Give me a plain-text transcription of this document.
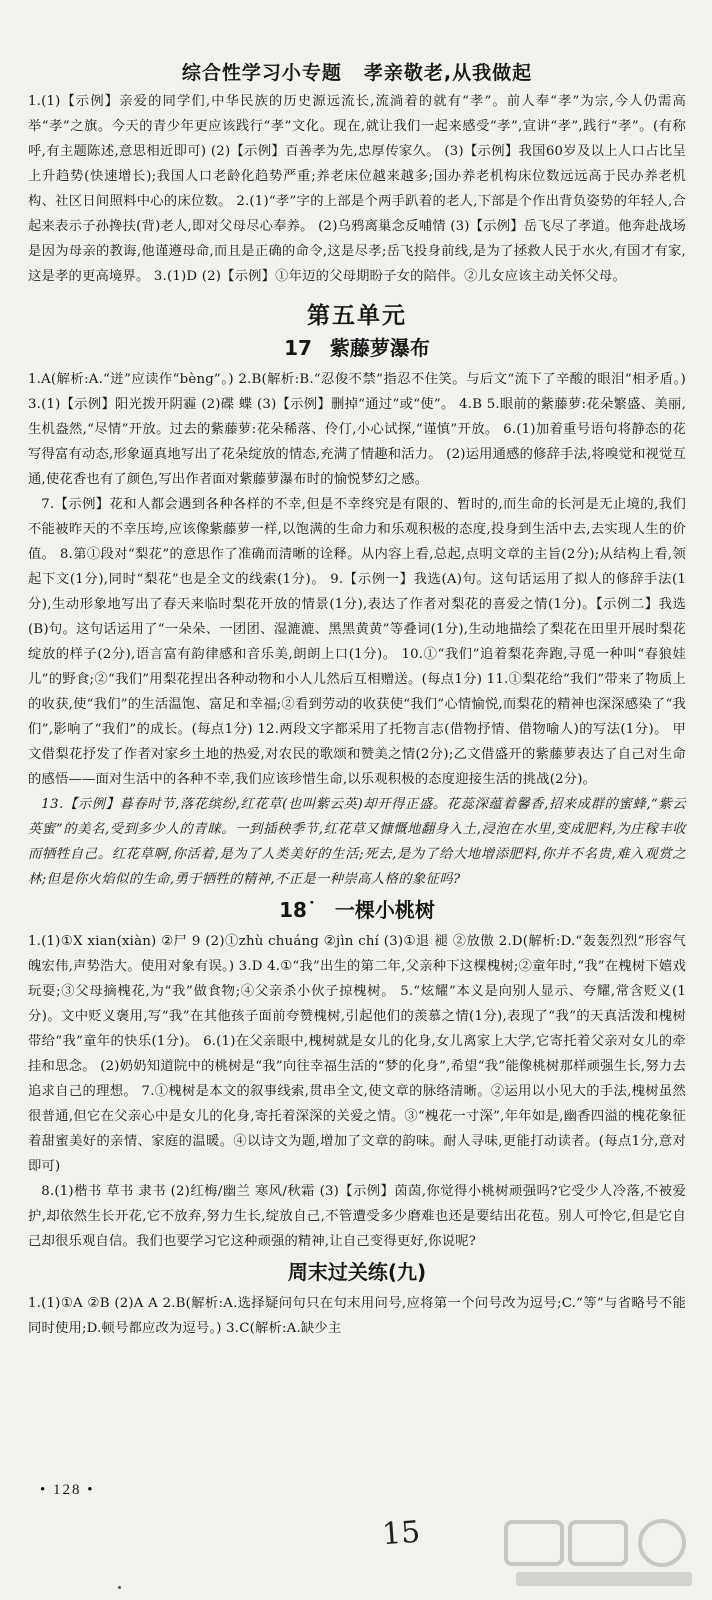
综合性学习小专题 孝亲敬老,从我做起

1.(1)【示例】亲爱的同学们,中华民族的历史源远流长,流淌着的就有“孝”。前人奉“孝”为宗,今人仍需高举“孝”之旗。今天的青少年更应该践行“孝”文化。现在,就让我们一起来感受“孝”,宣讲“孝”,践行“孝”。(有称呼,有主题陈述,意思相近即可) (2)【示例】百善孝为先,忠厚传家久。 (3)【示例】我国60岁及以上人口占比呈上升趋势(快速增长);我国人口老龄化趋势严重;养老床位越来越多;国办养老机构床位数远远高于民办养老机构、社区日间照料中心的床位数。 2.(1)“孝”字的上部是个两手趴着的老人,下部是个作出背负姿势的年轻人,合起来表示子孙搀扶(背)老人,即对父母尽心奉养。 (2)乌鸦离巢念反哺情 (3)【示例】岳飞尽了孝道。他奔赴战场是因为母亲的教诲,他谨遵母命,而且是正确的命令,这是尽孝;岳飞投身前线,是为了拯救人民于水火,有国才有家,这是孝的更高境界。 3.(1)D (2)【示例】①年迈的父母期盼子女的陪伴。②儿女应该主动关怀父母。

第五单元
17 紫藤萝瀑布

1.A(解析:A.“迸”应读作“bèng”。) 2.B(解析:B.“忍俊不禁”指忍不住笑。与后文“流下了辛酸的眼泪”相矛盾。) 3.(1)【示例】阳光拨开阴霾 (2)碟 蝶 (3)【示例】删掉“通过”或“使”。 4.B 5.眼前的紫藤萝:花朵繁盛、美丽,生机盎然,“尽情”开放。过去的紫藤萝:花朵稀落、伶仃,小心试探,“谨慎”开放。 6.(1)加着重号语句将静态的花写得富有动态,形象逼真地写出了花朵绽放的情态,充满了情趣和活力。 (2)运用通感的修辞手法,将嗅觉和视觉互通,使花香也有了颜色,写出作者面对紫藤萝瀑布时的愉悦梦幻之感。

7.【示例】花和人都会遇到各种各样的不幸,但是不幸终究是有限的、暂时的,而生命的长河是无止境的,我们不能被昨天的不幸压垮,应该像紫藤萝一样,以饱满的生命力和乐观积极的态度,投身到生活中去,去实现人生的价值。 8.第①段对“梨花”的意思作了准确而清晰的诠释。从内容上看,总起,点明文章的主旨(2分);从结构上看,领起下文(1分),同时“梨花”也是全文的线索(1分)。 9.【示例一】我选(A)句。这句话运用了拟人的修辞手法(1分),生动形象地写出了春天来临时梨花开放的情景(1分),表达了作者对梨花的喜爱之情(1分)。【示例二】我选(B)句。这句话运用了“一朵朵、一团团、湿漉漉、黑黑黄黄”等叠词(1分),生动地描绘了梨花在田里开展时梨花绽放的样子(2分),语言富有韵律感和音乐美,朗朗上口(1分)。 10.①“我们”追着梨花奔跑,寻觅一种叫“春狼娃儿”的野食;②“我们”用梨花捏出各种动物和小人儿然后互相赠送。(每点1分) 11.①梨花给“我们”带来了物质上的收获,使“我们”的生活温饱、富足和幸福;②看到劳动的收获使“我们”心情愉悦,而梨花的精神也深深感染了“我们”,影响了“我们”的成长。(每点1分) 12.两段文字都采用了托物言志(借物抒情、借物喻人)的写法(1分)。 甲文借梨花抒发了作者对家乡土地的热爱,对农民的歌颂和赞美之情(2分);乙文借盛开的紫藤萝表达了自己对生命的感悟——面对生活中的各种不幸,我们应该珍惜生命,以乐观积极的态度迎接生活的挑战(2分)。

13.【示例】暮春时节,落花缤纷,红花草(也叫紫云英)却开得正盛。花蕊深蕴着馨香,招来成群的蜜蜂,“紫云英蜜”的美名,受到多少人的青睐。一到插秧季节,红花草又慷慨地翻身入土,浸泡在水里,变成肥料,为庄稼丰收而牺牲自己。红花草啊,你活着,是为了人类美好的生活;死去,是为了给大地增添肥料,你并不名贵,难入观赏之林;但是你火焰似的生命,勇于牺牲的精神,不正是一种崇高人格的象征吗?

18˙ 一棵小桃树

1.(1)①X xian(xiàn) ②尸 9 (2)①zhù chuáng ②jìn chí (3)①退 褪 ②放傲 2.D(解析:D.“轰轰烈烈”形容气魄宏伟,声势浩大。使用对象有误。) 3.D 4.①“我”出生的第二年,父亲种下这棵槐树;②童年时,“我”在槐树下嬉戏玩耍;③父母摘槐花,为“我”做食物;④父亲杀小伙子掠槐树。 5.“炫耀”本义是向别人显示、夸耀,常含贬义(1分)。文中贬义褒用,写“我”在其他孩子面前夸赞槐树,引起他们的羡慕之情(1分),表现了“我”的天真活泼和槐树带给“我”童年的快乐(1分)。 6.(1)在父亲眼中,槐树就是女儿的化身,女儿离家上大学,它寄托着父亲对女儿的牵挂和思念。 (2)奶奶知道院中的桃树是“我”向往幸福生活的“梦的化身”,希望“我”能像桃树那样顽强生长,努力去追求自己的理想。 7.①槐树是本文的叙事线索,贯串全文,使文章的脉络清晰。②运用以小见大的手法,槐树虽然很普通,但它在父亲心中是女儿的化身,寄托着深深的关爱之情。③“槐花一寸深”,年年如是,幽香四溢的槐花象征着甜蜜美好的亲情、家庭的温暖。④以诗文为题,增加了文章的韵味。耐人寻味,更能打动读者。(每点1分,意对即可)

8.(1)楷书 草书 隶书 (2)红梅/幽兰 寒风/秋霜 (3)【示例】茵茵,你觉得小桃树顽强吗?它受少人冷落,不被爱护,却依然生长开花,它不放弃,努力生长,绽放自己,不管遭受多少磨难也还是要结出花苞。别人可怜它,但是它自己却很乐观自信。我们也要学习它这种顽强的精神,让自己变得更好,你说呢?

周末过关练(九)

1.(1)①A ②B (2)A A 2.B(解析:A.选择疑问句只在句末用问号,应将第一个问号改为逗号;C.“等”与省略号不能同时使用;D.顿号都应改为逗号。) 3.C(解析:A.缺少主

• 128 •
15
